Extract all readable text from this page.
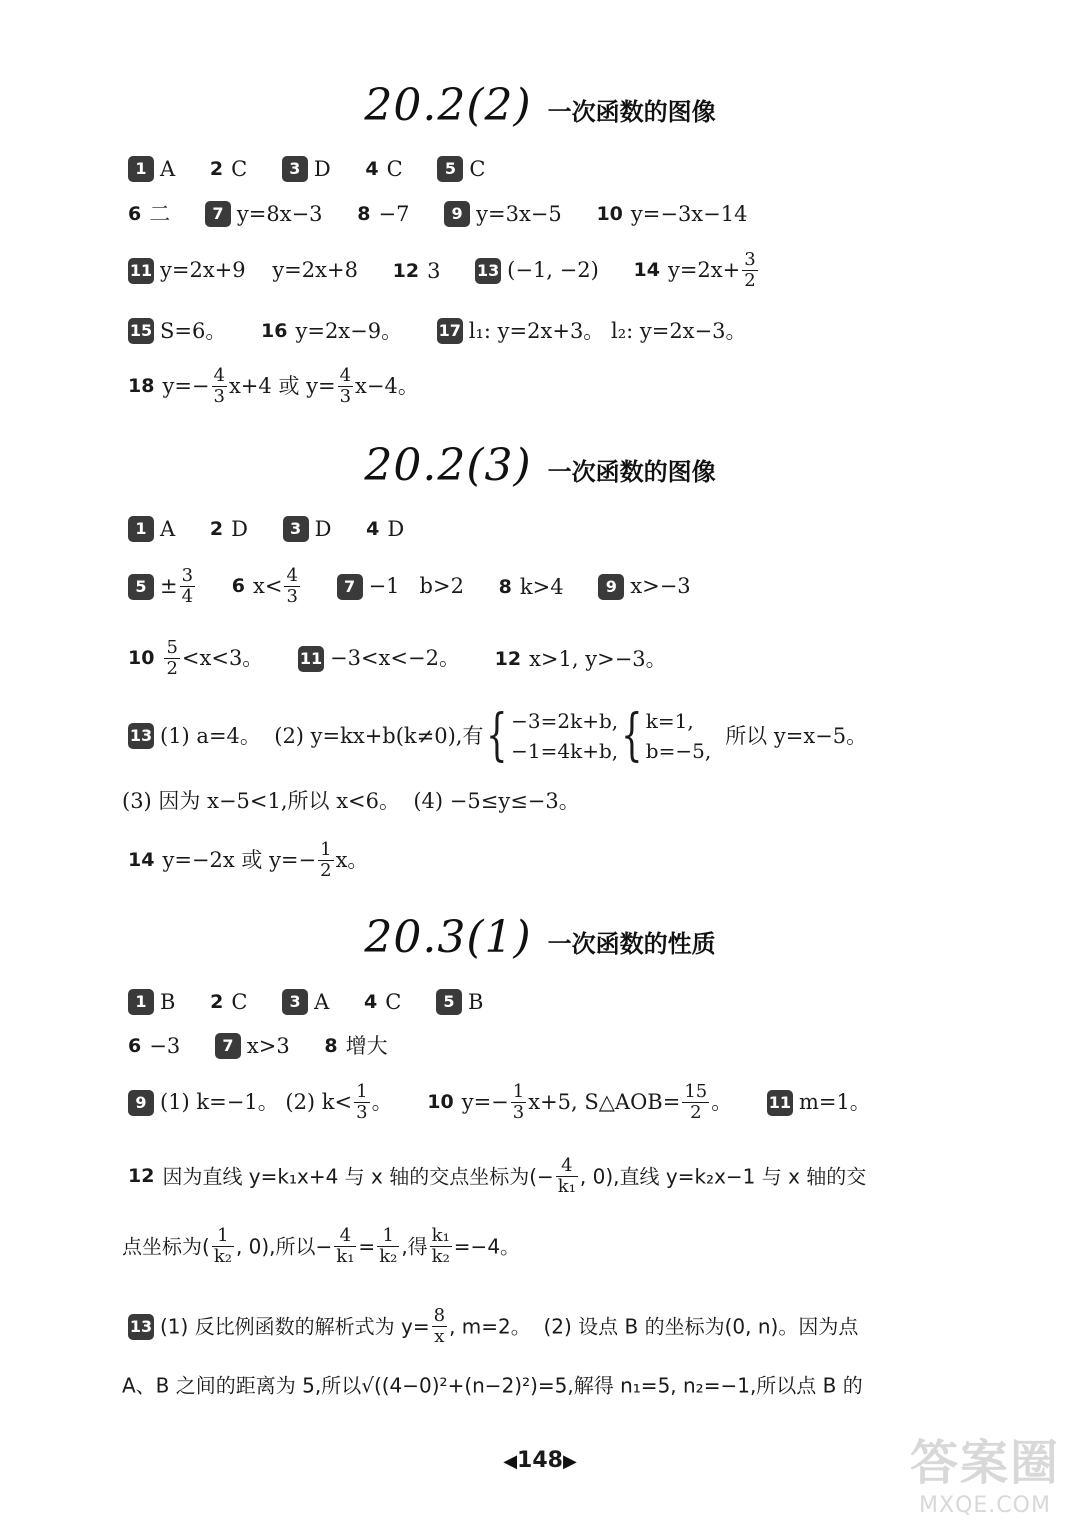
20.2(2) 一次函数的图像
1 A 2 C	3 D 4 C	5 C
6 二	7 y=8x−3 8 −7	9 y=3x−5 10 y=−3x−14
11 y=2x+9    y=2x+8 12 3 13 (−1, −2) 14 $y=2x+ \frac{3}{2}$
15 S=6。 16 y=2x−9。 17 l₁: y=2x+3。 l₂: y=2x−3。
18 $y=- \frac{4}{3} x+4$ 或 $y= \frac{4}{3} x-4$。
20.2(3) 一次函数的图像
1 A 2 D	3 D 4 D
$5 \pm \frac{3}{4} 6$ $x< \frac{4}{3}$	7 −1   b>2 8 k>4	9 x>−3
$10 \frac{5}{2} <x<3$。 11 −3<x<−2。 12 x>1, y>−3。
13 (1) a=4。  (2) y=kx+b(k≠0),有{ −3=2k+b,
−1=4k+b, { k=1,
b=−5,
所以 y=x−5。
(3) 因为 x−5<1,所以 x<6。  (4) −5≤y≤−3。
14 y=−2x 或 $y=- \frac{1}{2}$ x。
20.3(1) 一次函数的性质
1 B 2 C	3 A 4 C	5 B
6 −3	7 x>3 8 增大
9 (1) k=−1。 (2) $k< \frac{1}{3}$ 。 10 $y=- \frac{1}{3} x+5$, S△AOB= $\frac{15}{2}$ 。 11 m=1。
12 因为直线 y=k₁x+4 与 x 轴的交点坐标为(− $\frac{4}{\text{k₁}}$ , 0),直线 y=k₂x−1 与 x 轴的交
点坐标为( $\frac{1}{\text{k₂}}$ , 0),所以− $\frac{4}{\text{k₁}} = \frac{1}{\text{k₂}}$ ,得 $\frac{\text{k₁}}{\text{k₂}} =-4$。
13 (1) 反比例函数的解析式为 $y= \frac{8}{x}$ , m=2。  (2) 设点 B 的坐标为(0, n)。因为点
A、B 之间的距离为 5,所以√((4−0)²+(n−2)²)=5,解得 n₁=5, n₂=−1,所以点 B 的
◀148▶	答案圈
MXQE.COM
